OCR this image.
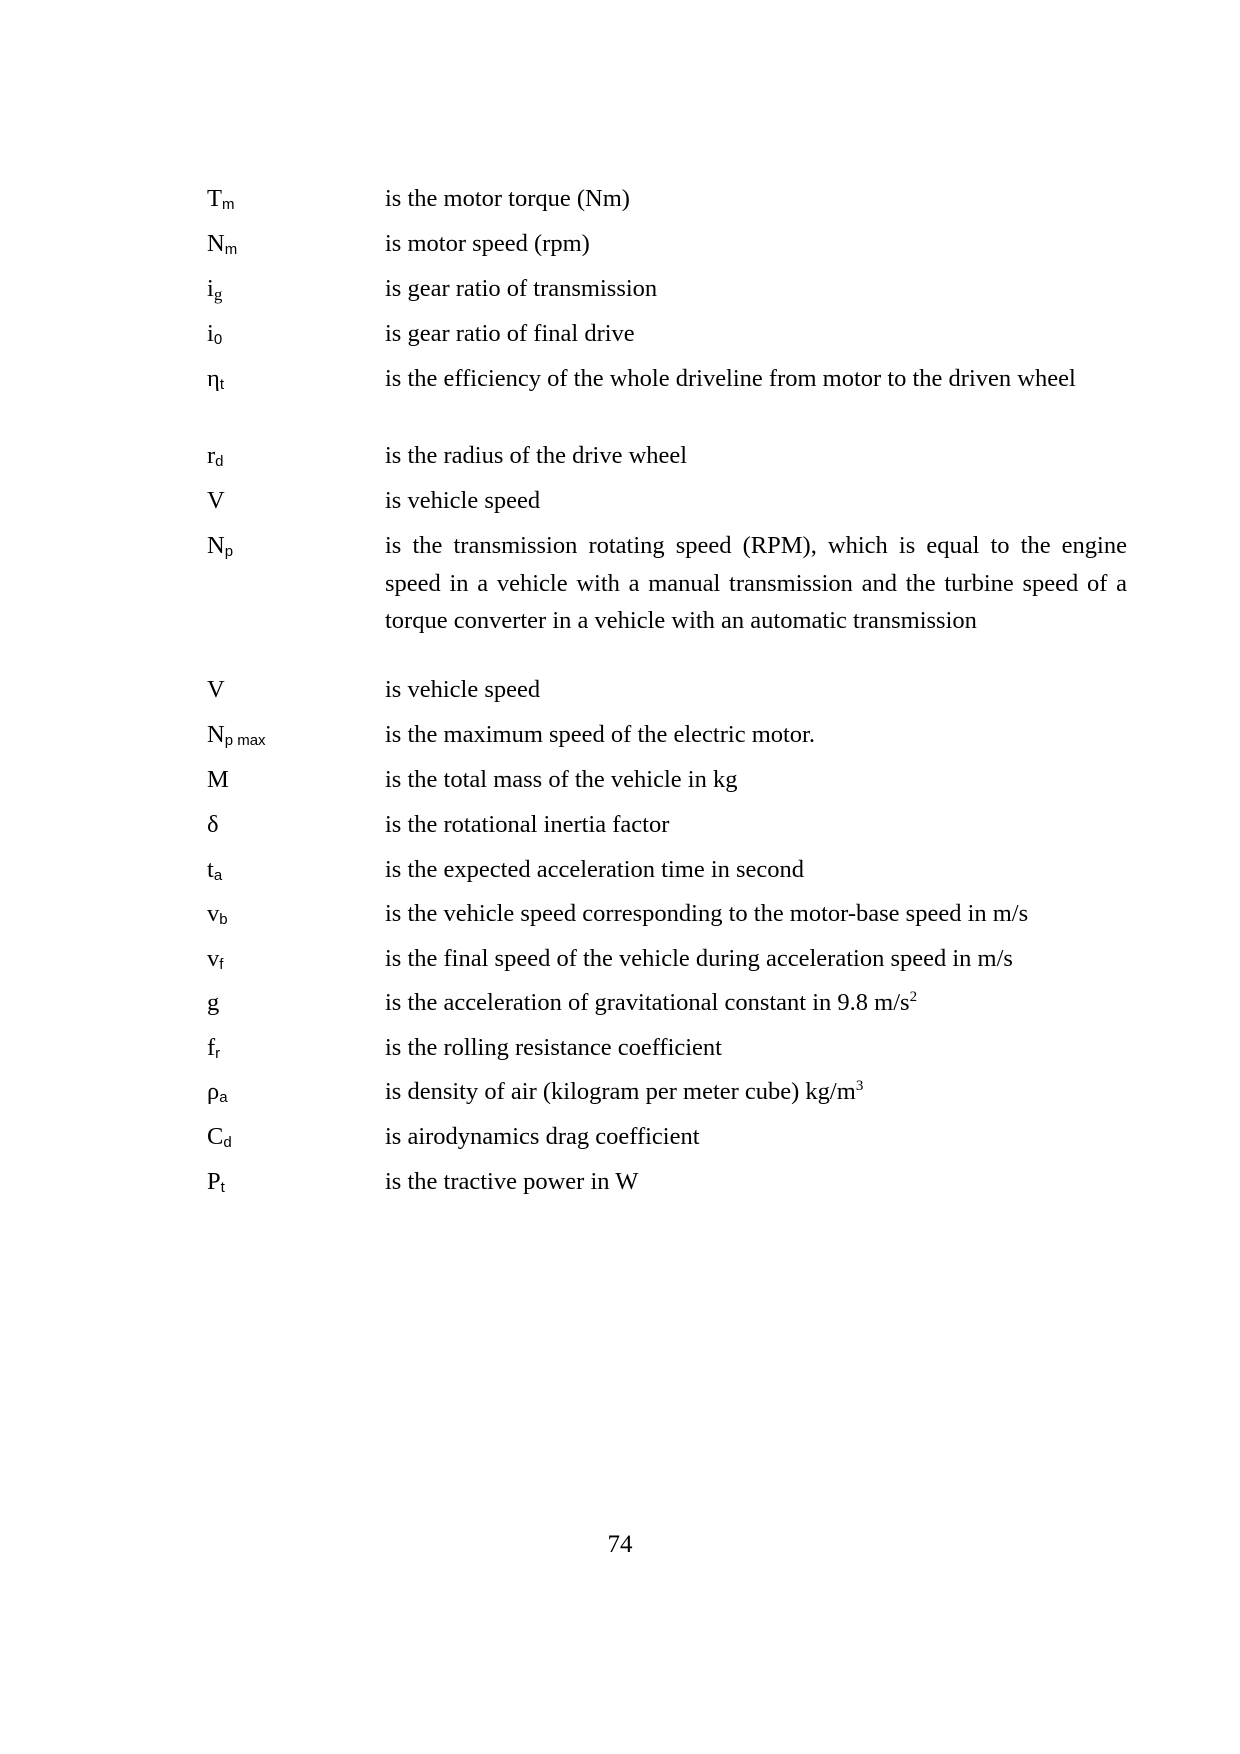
$T_m$	is the motor torque (Nm)
$N_m$	is motor speed (rpm)
ig	is gear ratio of transmission
$i_0$	is gear ratio of final drive
$\eta_t$	is the efficiency of the whole driveline from motor to the driven wheel
$r_d$	is the radius of the drive wheel
V	is vehicle speed
$N_p$	is the transmission rotating speed (RPM), which is equal to the engine speed in a vehicle with a manual transmission and the turbine speed of a torque converter in a vehicle with an automatic transmission
V	is vehicle speed
$N_{p max}$	is the maximum speed of the electric motor.
M	is the total mass of the vehicle in kg
δ	is the rotational inertia factor
$t_a$	is the expected acceleration time in second
$v_b$	is the vehicle speed corresponding to the motor-base speed in m/s
$v_f$	is the final speed of the vehicle during acceleration speed in m/s
g	is the acceleration of gravitational constant in 9.8 $m/s^2$
$f_r$	is the rolling resistance coefficient
$\rho_a$	is density of air (kilogram per meter cube) $kg/m^3$
$C_d$	is airodynamics drag coefficient
$P_t$	is the tractive power in W
74
